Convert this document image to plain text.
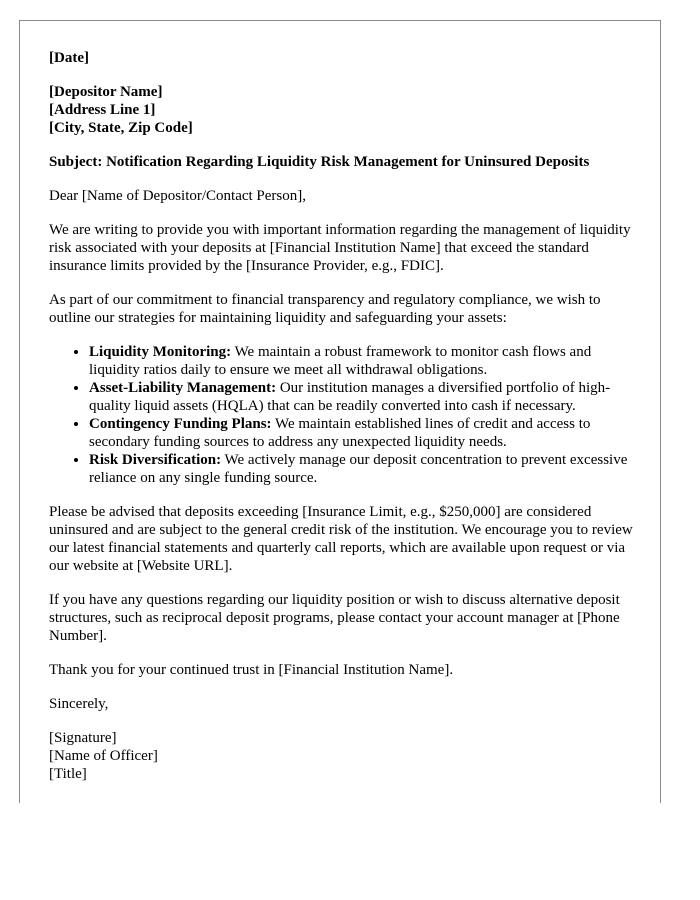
[Date]

[Depositor Name]
[Address Line 1]
[City, State, Zip Code]

Subject: Notification Regarding Liquidity Risk Management for Uninsured Deposits

Dear [Name of Depositor/Contact Person],

We are writing to provide you with important information regarding the management of liquidity risk associated with your deposits at [Financial Institution Name] that exceed the standard insurance limits provided by the [Insurance Provider, e.g., FDIC].

As part of our commitment to financial transparency and regulatory compliance, we wish to outline our strategies for maintaining liquidity and safeguarding your assets:

• Liquidity Monitoring: We maintain a robust framework to monitor cash flows and liquidity ratios daily to ensure we meet all withdrawal obligations.
• Asset-Liability Management: Our institution manages a diversified portfolio of high-quality liquid assets (HQLA) that can be readily converted into cash if necessary.
• Contingency Funding Plans: We maintain established lines of credit and access to secondary funding sources to address any unexpected liquidity needs.
• Risk Diversification: We actively manage our deposit concentration to prevent excessive reliance on any single funding source.

Please be advised that deposits exceeding [Insurance Limit, e.g., $250,000] are considered uninsured and are subject to the general credit risk of the institution. We encourage you to review our latest financial statements and quarterly call reports, which are available upon request or via our website at [Website URL].

If you have any questions regarding our liquidity position or wish to discuss alternative deposit structures, such as reciprocal deposit programs, please contact your account manager at [Phone Number].

Thank you for your continued trust in [Financial Institution Name].

Sincerely,

[Signature]
[Name of Officer]
[Title]
